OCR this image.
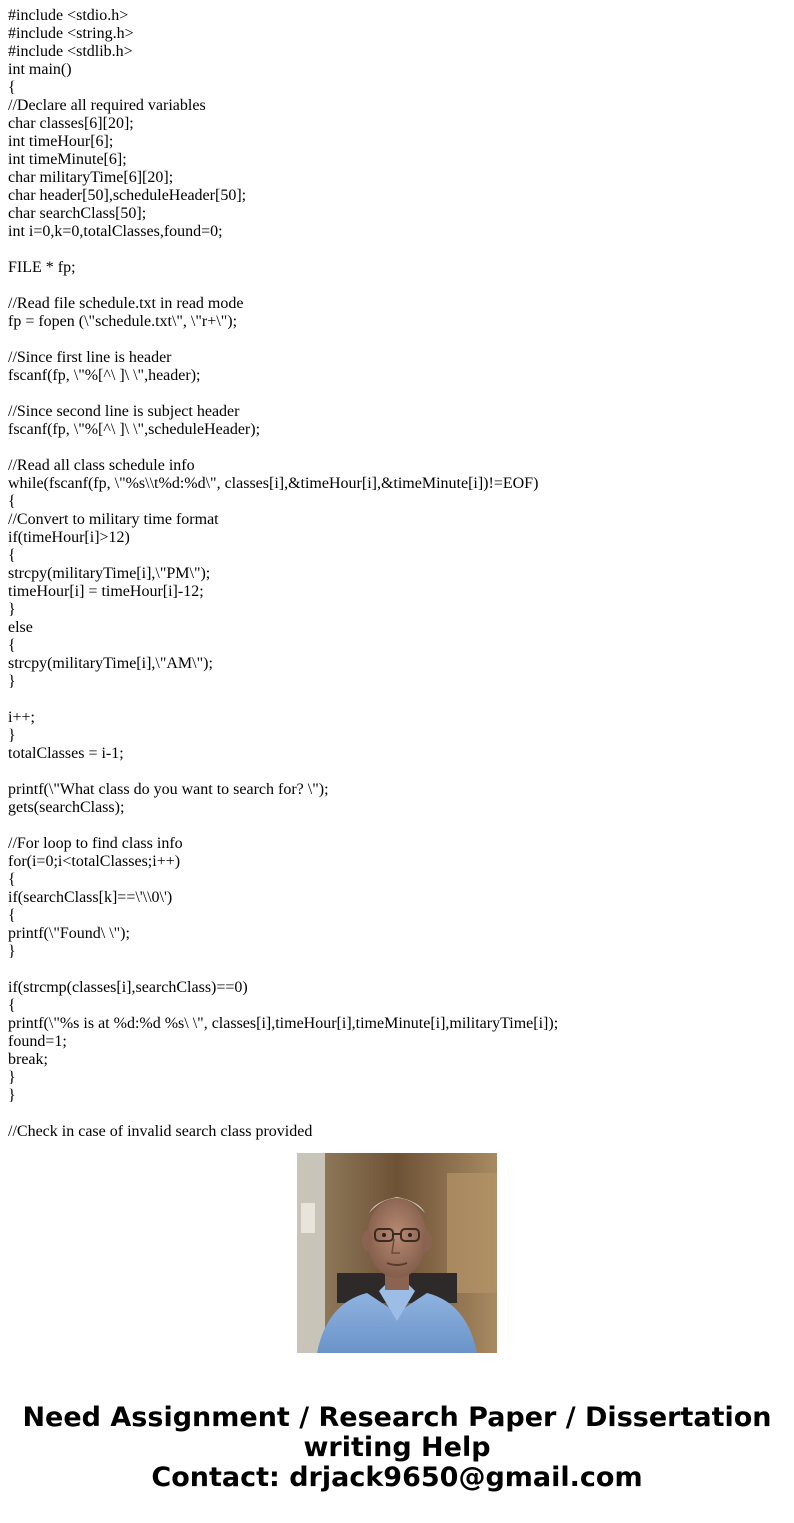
#include <stdio.h>
#include <string.h>
#include <stdlib.h>
int main()
{
//Declare all required variables
char classes[6][20];
int timeHour[6];
int timeMinute[6];
char militaryTime[6][20];
char header[50],scheduleHeader[50];
char searchClass[50];
int i=0,k=0,totalClasses,found=0;
FILE * fp;
//Read file schedule.txt in read mode
fp = fopen (\"schedule.txt\", \"r+\");
//Since first line is header
fscanf(fp, \"%[^\ ]\ \",header);
//Since second line is subject header
fscanf(fp, \"%[^\ ]\ \",scheduleHeader);
//Read all class schedule info
while(fscanf(fp, \"%s\\t%d:%d\", classes[i],&timeHour[i],&timeMinute[i])!=EOF)
{
//Convert to military time format
if(timeHour[i]>12)
{
strcpy(militaryTime[i],\"PM\");
timeHour[i] = timeHour[i]-12;
}
else
{
strcpy(militaryTime[i],\"AM\");
}
i++;
}
totalClasses = i-1;
printf(\"What class do you want to search for? \");
gets(searchClass);
//For loop to find class info
for(i=0;i<totalClasses;i++)
{
if(searchClass[k]==\'\\0\')
{
printf(\"Found\ \");
}
if(strcmp(classes[i],searchClass)==0)
{
printf(\"%s is at %d:%d %s\ \", classes[i],timeHour[i],timeMinute[i],militaryTime[i]);
found=1;
break;
}
}
//Check in case of invalid search class provided
Need Assignment / Research Paper / Dissertation
writing Help
Contact: drjack9650@gmail.com
